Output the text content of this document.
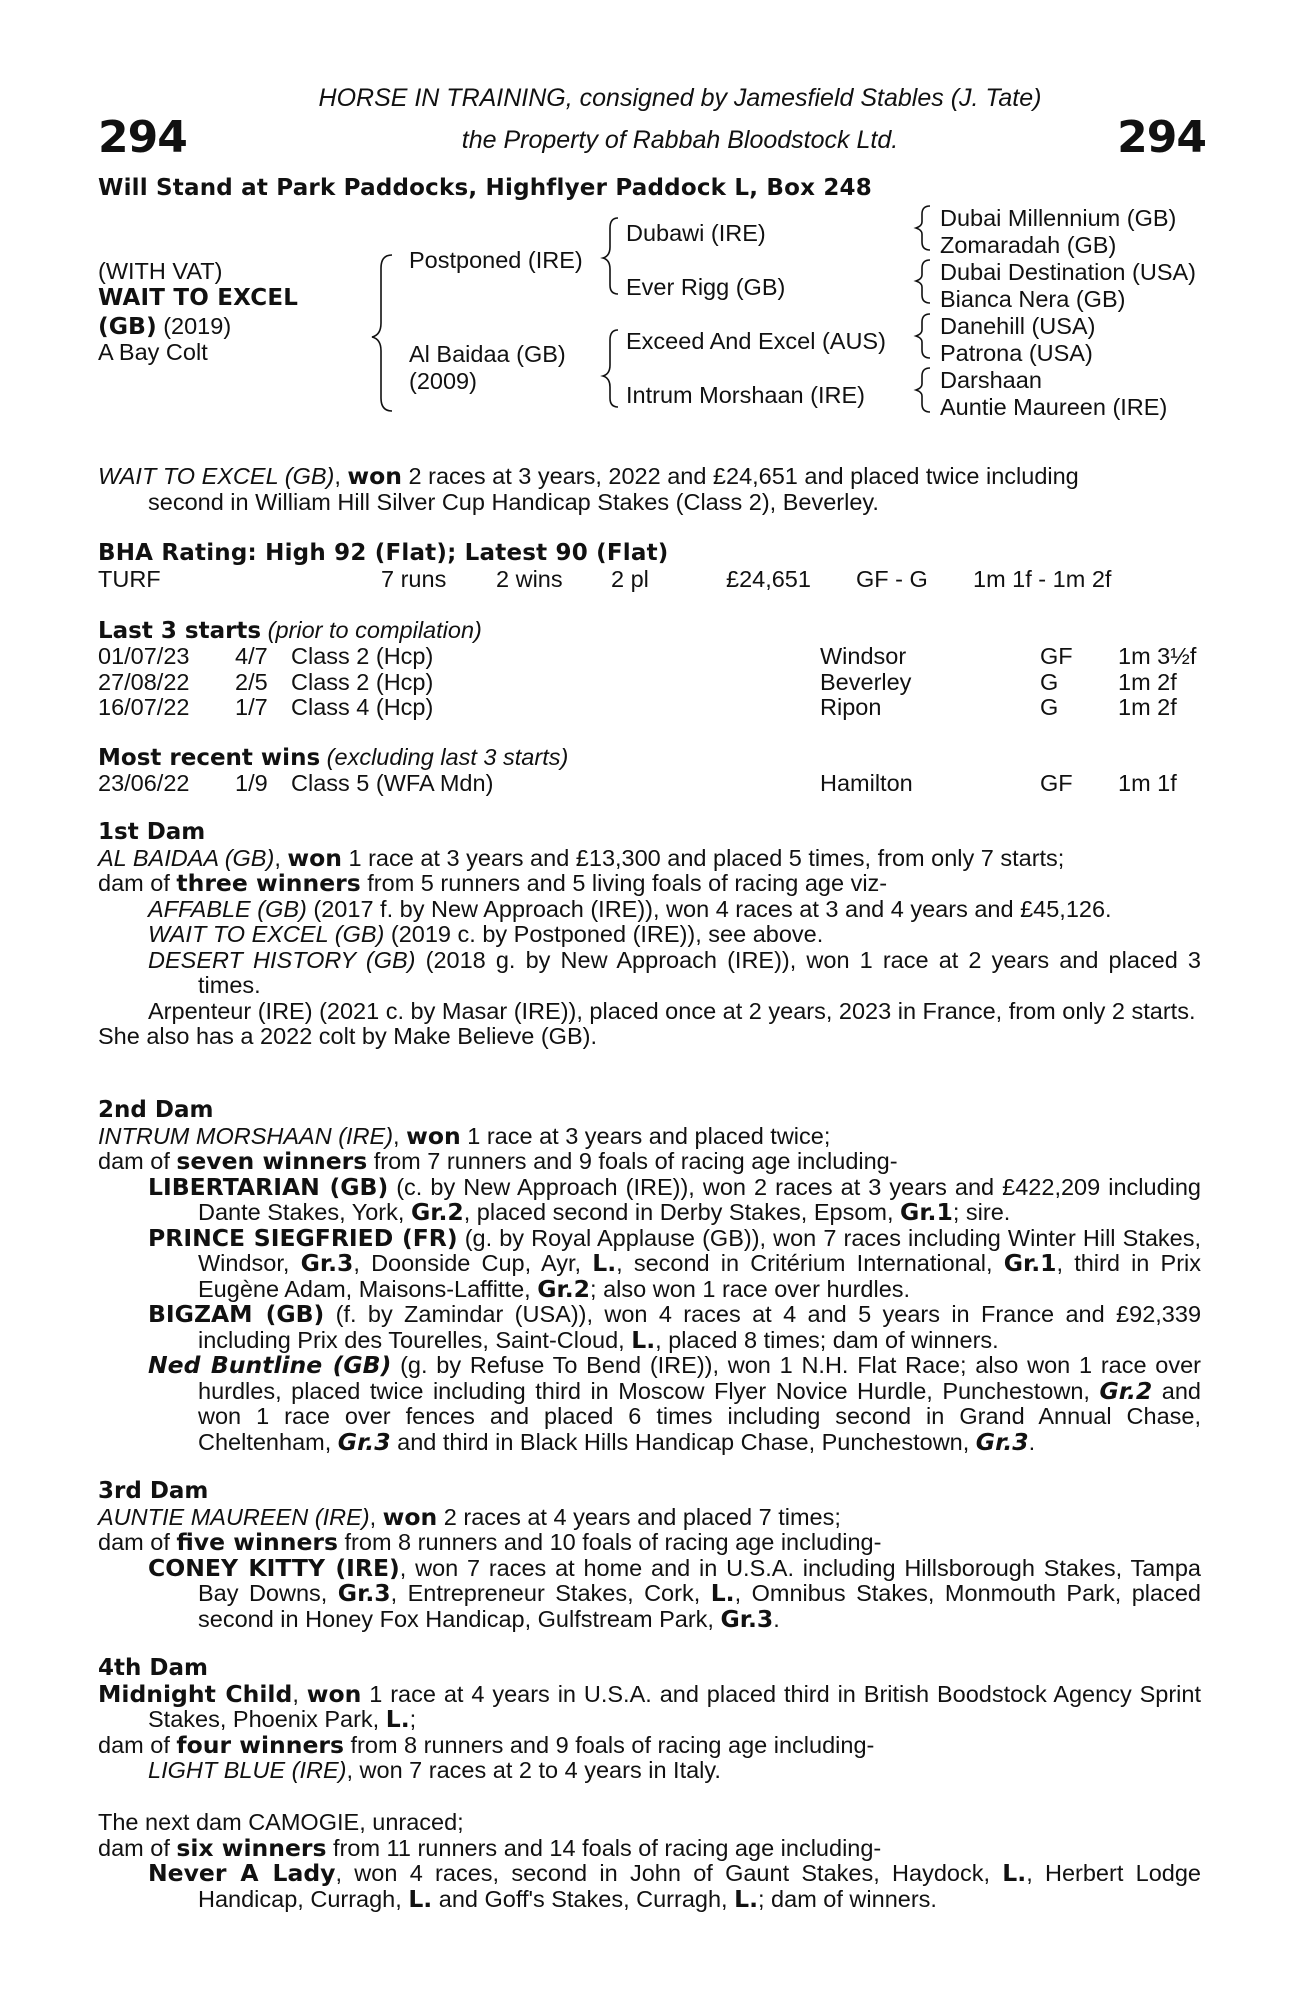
294	294
HORSE IN TRAINING, consigned by Jamesfield Stables (J. Tate)
the Property of Rabbah Bloodstock Ltd.
Will Stand at Park Paddocks, Highflyer Paddock L, Box 248
(WITH VAT)
WAIT TO EXCEL
(GB) (2019)
A Bay Colt
Postponed (IRE)
Al Baidaa (GB)
(2009)
Dubawi (IRE)
Ever Rigg (GB)
Exceed And Excel (AUS)
Intrum Morshaan (IRE)
Dubai Millennium (GB)
Zomaradah (GB)
Dubai Destination (USA)
Bianca Nera (GB)
Danehill (USA)
Patrona (USA)
Darshaan
Auntie Maureen (IRE)

WAIT TO EXCEL (GB), won 2 races at 3 years, 2022 and £24,651 and placed twice including

second in William Hill Silver Cup Handicap Stakes (Class 2), Beverley.

BHA Rating: High 92 (Flat); Latest 90 (Flat)
TURF	7 runs 2 wins 2 pl	£24,651 GF - G 1m 1f - 1m 2f
Last 3 starts (prior to compilation)
01/07/23 4/7 Class 2 (Hcp)	Windsor	GF 1m 3½f
27/08/22 2/5 Class 2 (Hcp)	Beverley	G	1m 2f
16/07/22 1/7 Class 4 (Hcp)	Ripon	G	1m 2f
Most recent wins (excluding last 3 starts)
23/06/22 1/9 Class 5 (WFA Mdn)	Hamilton	GF 1m 1f

1st Dam

AL BAIDAA (GB), won 1 race at 3 years and £13,300 and placed 5 times, from only 7 starts;

dam of three winners from 5 runners and 5 living foals of racing age viz-

AFFABLE (GB) (2017 f. by New Approach (IRE)), won 4 races at 3 and 4 years and £45,126.

WAIT TO EXCEL (GB) (2019 c. by Postponed (IRE)), see above.

DESERT HISTORY (GB) (2018 g. by New Approach (IRE)), won 1 race at 2 years and placed 3 times.

Arpenteur (IRE) (2021 c. by Masar (IRE)), placed once at 2 years, 2023 in France, from only 2 starts.

She also has a 2022 colt by Make Believe (GB).

2nd Dam

INTRUM MORSHAAN (IRE), won 1 race at 3 years and placed twice;

dam of seven winners from 7 runners and 9 foals of racing age including-

LIBERTARIAN (GB) (c. by New Approach (IRE)), won 2 races at 3 years and £422,209 including Dante Stakes, York, Gr.2, placed second in Derby Stakes, Epsom, Gr.1; sire.

PRINCE SIEGFRIED (FR) (g. by Royal Applause (GB)), won 7 races including Winter Hill Stakes, Windsor, Gr.3, Doonside Cup, Ayr, L., second in Critérium International, Gr.1, third in Prix Eugène Adam, Maisons-Laffitte, Gr.2; also won 1 race over hurdles.

BIGZAM (GB) (f. by Zamindar (USA)), won 4 races at 4 and 5 years in France and £92,339 including Prix des Tourelles, Saint-Cloud, L., placed 8 times; dam of winners.

Ned Buntline (GB) (g. by Refuse To Bend (IRE)), won 1 N.H. Flat Race; also won 1 race over hurdles, placed twice including third in Moscow Flyer Novice Hurdle, Punchestown, Gr.2 and won 1 race over fences and placed 6 times including second in Grand Annual Chase, Cheltenham, Gr.3 and third in Black Hills Handicap Chase, Punchestown, Gr.3.

3rd Dam

AUNTIE MAUREEN (IRE), won 2 races at 4 years and placed 7 times;

dam of five winners from 8 runners and 10 foals of racing age including-

CONEY KITTY (IRE), won 7 races at home and in U.S.A. including Hillsborough Stakes, Tampa Bay Downs, Gr.3, Entrepreneur Stakes, Cork, L., Omnibus Stakes, Monmouth Park, placed second in Honey Fox Handicap, Gulfstream Park, Gr.3.

4th Dam

Midnight Child, won 1 race at 4 years in U.S.A. and placed third in British Boodstock Agency Sprint Stakes, Phoenix Park, L.;

dam of four winners from 8 runners and 9 foals of racing age including-

LIGHT BLUE (IRE), won 7 races at 2 to 4 years in Italy.

The next dam CAMOGIE, unraced;

dam of six winners from 11 runners and 14 foals of racing age including-

Never A Lady, won 4 races, second in John of Gaunt Stakes, Haydock, L., Herbert Lodge Handicap, Curragh, L. and Goff's Stakes, Curragh, L.; dam of winners.
